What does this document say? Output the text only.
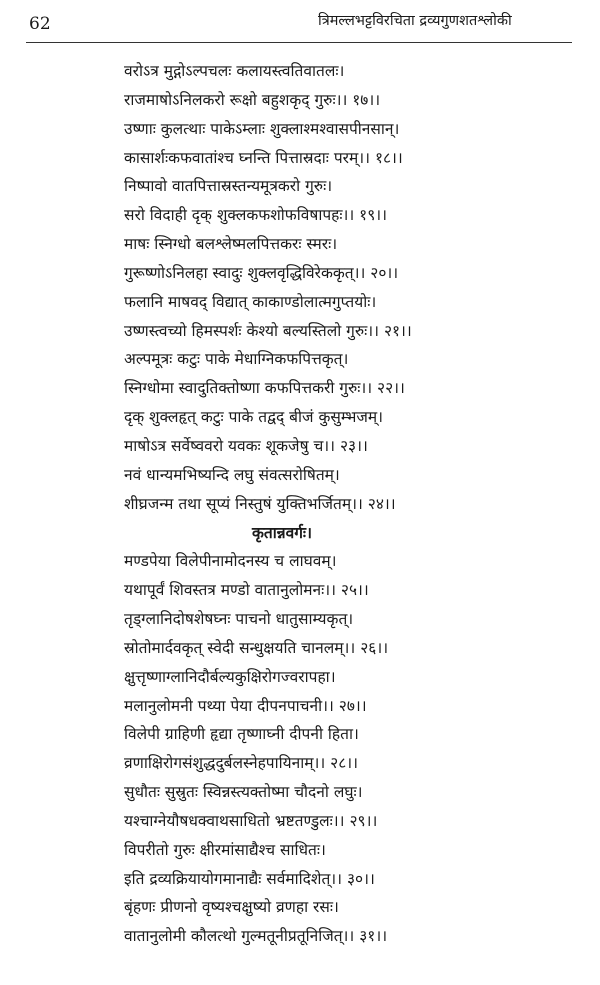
62	त्रिमल्लभट्टविरचिता द्रव्यगुणशतश्लोकी
वरोऽत्र मुद्गोऽल्पचलः कलायस्त्वतिवातलः।
राजमाषोऽनिलकरो रूक्षो बहुशकृद् गुरुः।। १७।।
उष्णाः कुलत्थाः पाकेऽम्लाः शुक्लाश्मश्वासपीनसान्।
कासार्शःकफवातांश्च घ्नन्ति पित्तास्रदाः परम्।। १८।।
निष्पावो वातपित्तास्रस्तन्यमूत्रकरो गुरुः।
सरो विदाही दृक् शुक्लकफशोफविषापहः।। १९।।
माषः स्निग्धो बलश्लेष्मलपित्तकरः स्मरः।
गुरूष्णोऽनिलहा स्वादुः शुक्लवृद्धिविरेककृत्।। २०।।
फलानि माषवद् विद्यात् काकाण्डोलात्मगुप्तयोः।
उष्णस्त्वच्यो हिमस्पर्शः केश्यो बल्यस्तिलो गुरुः।। २१।।
अल्पमूत्रः कटुः पाके मेधाग्निकफपित्तकृत्।
स्निग्धोमा स्वादुतिक्तोष्णा कफपित्तकरी गुरुः।। २२।।
दृक् शुक्लहृत् कटुः पाके तद्वद् बीजं कुसुम्भजम्।
माषोऽत्र सर्वेष्ववरो यवकः शूकजेषु च।। २३।।
नवं धान्यमभिष्यन्दि लघु संवत्सरोषितम्।
शीघ्रजन्म तथा सूप्यं निस्तुषं युक्तिभर्जितम्।। २४।।
कृतान्नवर्गः।
मण्डपेया विलेपीनामोदनस्य च लाघवम्।
यथापूर्वं शिवस्तत्र मण्डो वातानुलोमनः।। २५।।
तृड्ग्लानिदोषशेषघ्नः पाचनो धातुसाम्यकृत्।
स्रोतोमार्दवकृत् स्वेदी सन्धुक्षयति चानलम्।। २६।।
क्षुत्तृष्णाग्लानिदौर्बल्यकुक्षिरोगज्वरापहा।
मलानुलोमनी पथ्या पेया दीपनपाचनी।। २७।।
विलेपी ग्राहिणी हृद्या तृष्णाघ्नी दीपनी हिता।
व्रणाक्षिरोगसंशुद्धदुर्बलस्नेहपायिनाम्।। २८।।
सुधौतः सुस्रुतः स्विन्नस्त्यक्तोष्मा चौदनो लघुः।
यश्चाग्नेयौषधक्वाथसाधितो भ्रष्टतण्डुलः।। २९।।
विपरीतो गुरुः क्षीरमांसाद्यैश्च साधितः।
इति द्रव्यक्रियायोगमानाद्यैः सर्वमादिशेत्।। ३०।।
बृंहणः प्रीणनो वृष्यश्चक्षुष्यो व्रणहा रसः।
वातानुलोमी कौलत्थो गुल्मतूनीप्रतूनिजित्।। ३१।।
